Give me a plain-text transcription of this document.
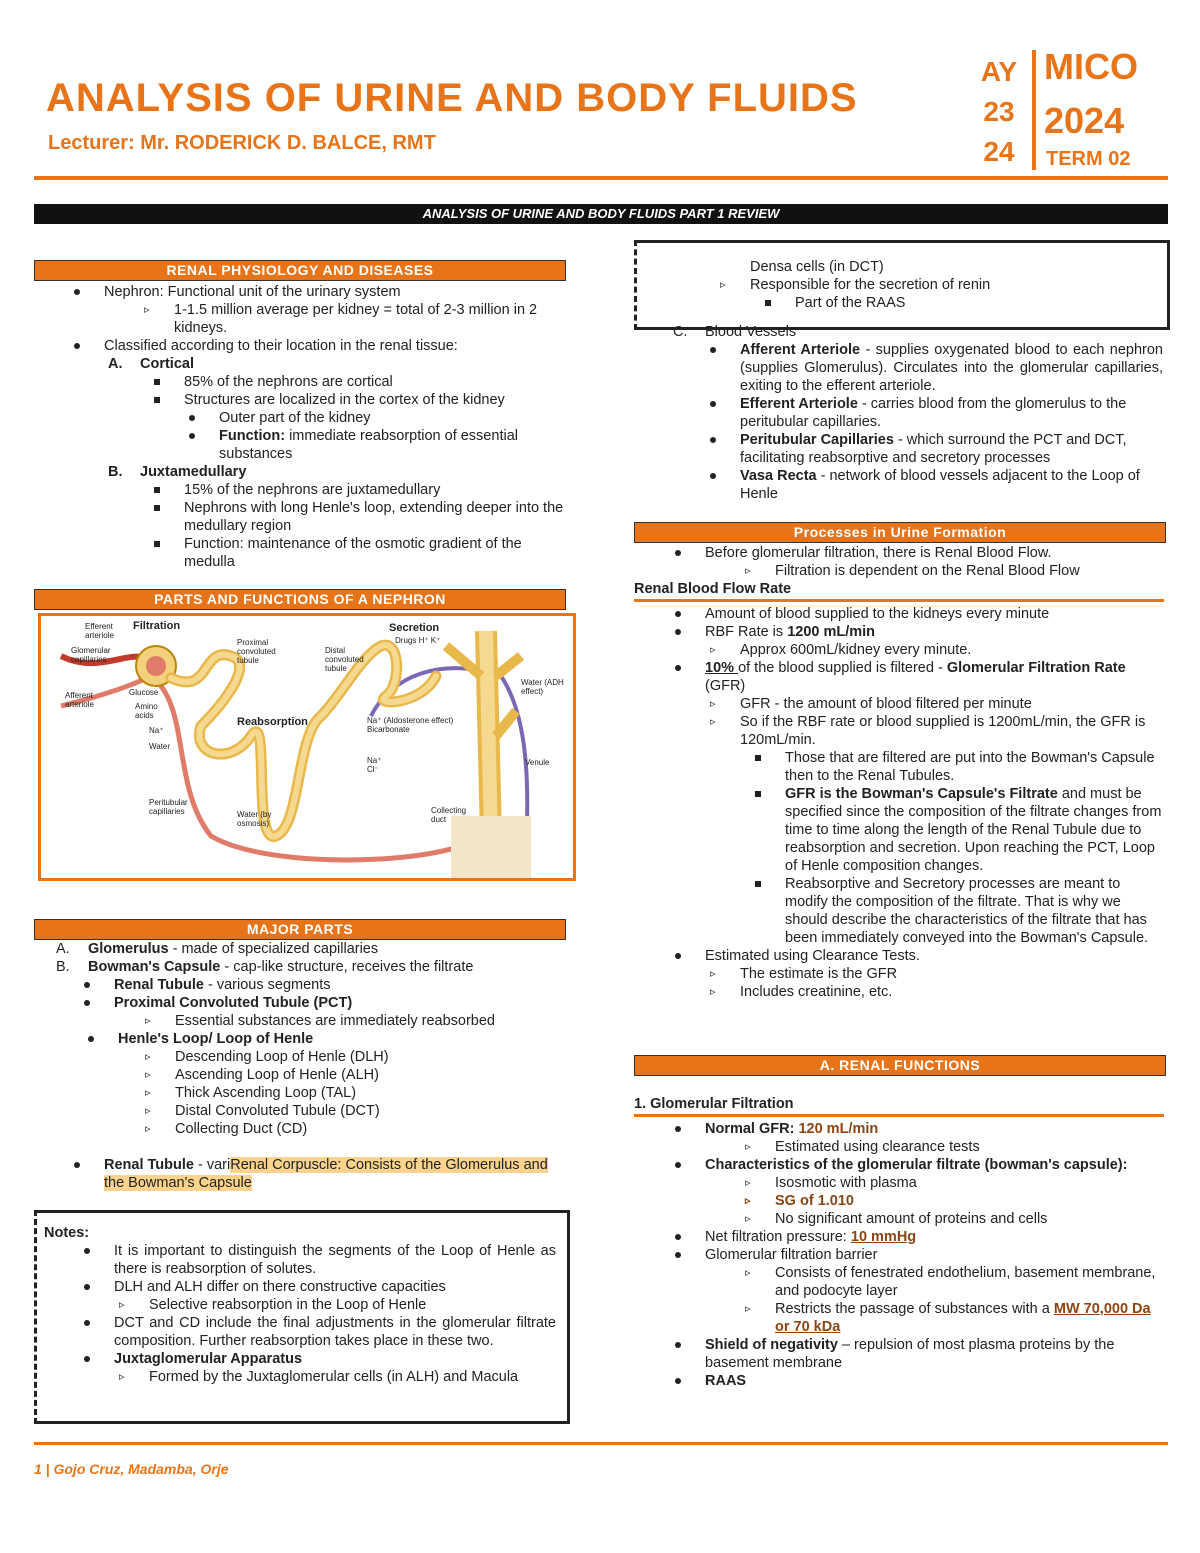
ANALYSIS OF URINE AND BODY FLUIDS
Lecturer: Mr. RODERICK D. BALCE, RMT
AY
23
24
MICO
2024
TERM 02
ANALYSIS OF URINE AND BODY FLUIDS PART 1 REVIEW
RENAL PHYSIOLOGY AND DISEASES
Nephron: Functional unit of the urinary system
▹ 1-1.5 million average per kidney = total of 2-3 million in 2 kidneys.
Classified according to their location in the renal tissue:
A. Cortical
85% of the nephrons are cortical
Structures are localized in the cortex of the kidney
Outer part of the kidney
Function: immediate reabsorption of essential substances
B. Juxtamedullary
15% of the nephrons are juxtamedullary
Nephrons with long Henle's loop, extending deeper into the medullary region
Function: maintenance of the osmotic gradient of the medulla
PARTS AND FUNCTIONS OF A NEPHRON
Filtration	Secretion
Reabsorption
Efferent arteriole
Glomerular capillaries
Afferent arteriole
Glucose
Amino acids
Na⁺
Water
Proximal convoluted tubule
Distal convoluted tubule
Drugs H⁺ K⁺
Na⁺ (Aldosterone effect) Bicarbonate
Na⁺ Cl⁻
Water (ADH effect)
Venule
Peritubular capillaries	Water (by osmosis)
Collecting duct
MAJOR PARTS
A. Glomerulus - made of specialized capillaries
B. Bowman's Capsule - cap-like structure, receives the filtrate
Renal Tubule - various segments
Proximal Convoluted Tubule (PCT)
▹ Essential substances are immediately reabsorbed
Henle's Loop/ Loop of Henle
▹ Descending Loop of Henle (DLH)
▹ Ascending Loop of Henle (ALH)
▹ Thick Ascending Loop (TAL)
▹ Distal Convoluted Tubule (DCT)
▹ Collecting Duct (CD)
Renal Tubule - variRenal Corpuscle: Consists of the Glomerulus and the Bowman's Capsule
Notes:
It is important to distinguish the segments of the Loop of Henle as there is reabsorption of solutes.
DLH and ALH differ on there constructive capacities
▹ Selective reabsorption in the Loop of Henle
DCT and CD include the final adjustments in the glomerular filtrate composition. Further reabsorption takes place in these two.
Juxtaglomerular Apparatus
▹ Formed by the Juxtaglomerular cells (in ALH) and Macula
Densa cells (in DCT)
▹ Responsible for the secretion of renin
Part of the RAAS
C. Blood Vessels
Afferent Arteriole - supplies oxygenated blood to each nephron (supplies Glomerulus). Circulates into the glomerular capillaries, exiting to the efferent arteriole.
Efferent Arteriole - carries blood from the glomerulus to the peritubular capillaries.
Peritubular Capillaries - which surround the PCT and DCT, facilitating reabsorptive and secretory processes
Vasa Recta - network of blood vessels adjacent to the Loop of Henle
Processes in Urine Formation
Before glomerular filtration, there is Renal Blood Flow.
▹ Filtration is dependent on the Renal Blood Flow
Renal Blood Flow Rate
Amount of blood supplied to the kidneys every minute
RBF Rate is 1200 mL/min
▹ Approx 600mL/kidney every minute.
10% of the blood supplied is filtered - Glomerular Filtration Rate (GFR)
▹ GFR - the amount of blood filtered per minute
▹ So if the RBF rate or blood supplied is 1200mL/min, the GFR is 120mL/min.
Those that are filtered are put into the Bowman's Capsule then to the Renal Tubules.
GFR is the Bowman's Capsule's Filtrate and must be specified since the composition of the filtrate changes from time to time along the length of the Renal Tubule due to reabsorption and secretion. Upon reaching the PCT, Loop of Henle composition changes.
Reabsorptive and Secretory processes are meant to modify the composition of the filtrate. That is why we should describe the characteristics of the filtrate that has been immediately conveyed into the Bowman's Capsule.
Estimated using Clearance Tests.
▹ The estimate is the GFR
▹ Includes creatinine, etc.
A. RENAL FUNCTIONS
1. Glomerular Filtration
Normal GFR: 120 mL/min
▹ Estimated using clearance tests
Characteristics of the glomerular filtrate (bowman's capsule):
▹ Isosmotic with plasma
▹ SG of 1.010
▹ No significant amount of proteins and cells
Net filtration pressure: 10 mmHg
Glomerular filtration barrier
▹ Consists of fenestrated endothelium, basement membrane, and podocyte layer
▹ Restricts the passage of substances with a MW 70,000 Da or 70 kDa
Shield of negativity – repulsion of most plasma proteins by the basement membrane
RAAS
1 | Gojo Cruz, Madamba, Orje
